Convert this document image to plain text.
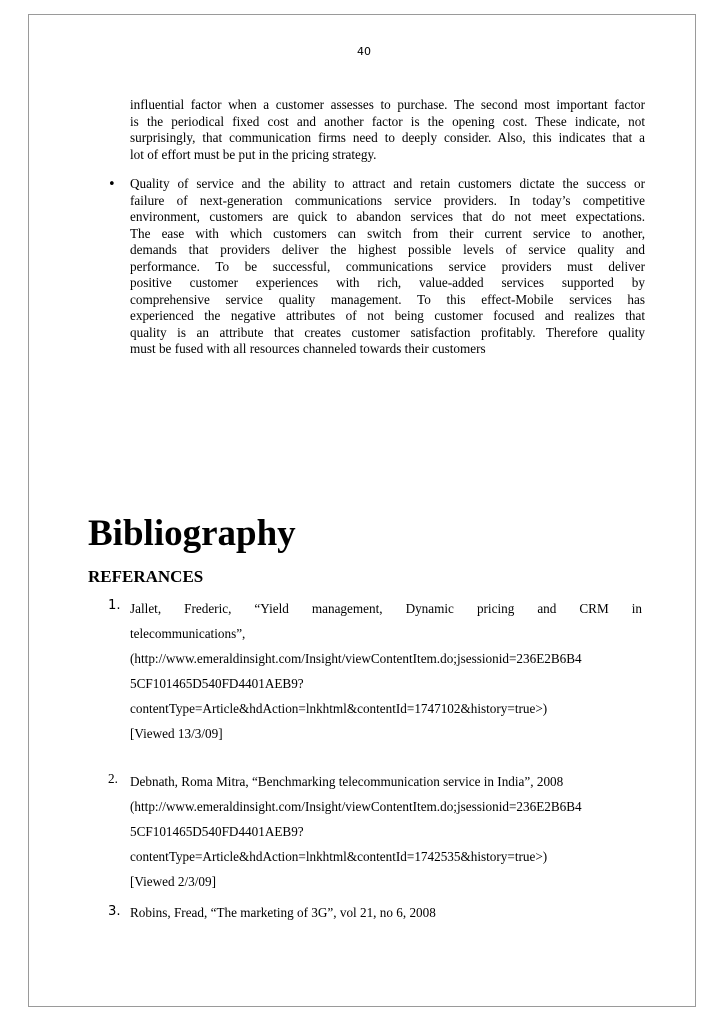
40
influential factor when a customer assesses to purchase. The second most important factor
is the periodical fixed cost and another factor is the opening cost. These indicate, not
surprisingly, that communication firms need to deeply consider. Also, this indicates that a
lot of effort must be put in the pricing strategy.
• Quality of service and the ability to attract and retain customers dictate the success or
failure of next-generation communications service providers. In today’s competitive
environment, customers are quick to abandon services that do not meet expectations.
The ease with which customers can switch from their current service to another,
demands that providers deliver the highest possible levels of service quality and
performance. To be successful, communications service providers must deliver
positive customer experiences with rich, value-added services supported by
comprehensive service quality management. To this effect-Mobile services has
experienced the negative attributes of not being customer focused and realizes that
quality is an attribute that creates customer satisfaction profitably. Therefore quality
must be fused with all resources channeled towards their customers
Bibliography
REFERANCES
1. Jallet, Frederic, “Yield management, Dynamic pricing and CRM in
telecommunications”,
(http://www.emeraldinsight.com/Insight/viewContentItem.do;jsessionid=236E2B6B4
5CF101465D540FD4401AEB9?
contentType=Article&hdAction=lnkhtml&contentId=1747102&history=true>)
[Viewed 13/3/09]
2. Debnath, Roma Mitra, “Benchmarking telecommunication service in India”, 2008
(http://www.emeraldinsight.com/Insight/viewContentItem.do;jsessionid=236E2B6B4
5CF101465D540FD4401AEB9?
contentType=Article&hdAction=lnkhtml&contentId=1742535&history=true>)
[Viewed 2/3/09]
3. Robins, Fread, “The marketing of 3G”, vol 21, no 6, 2008
